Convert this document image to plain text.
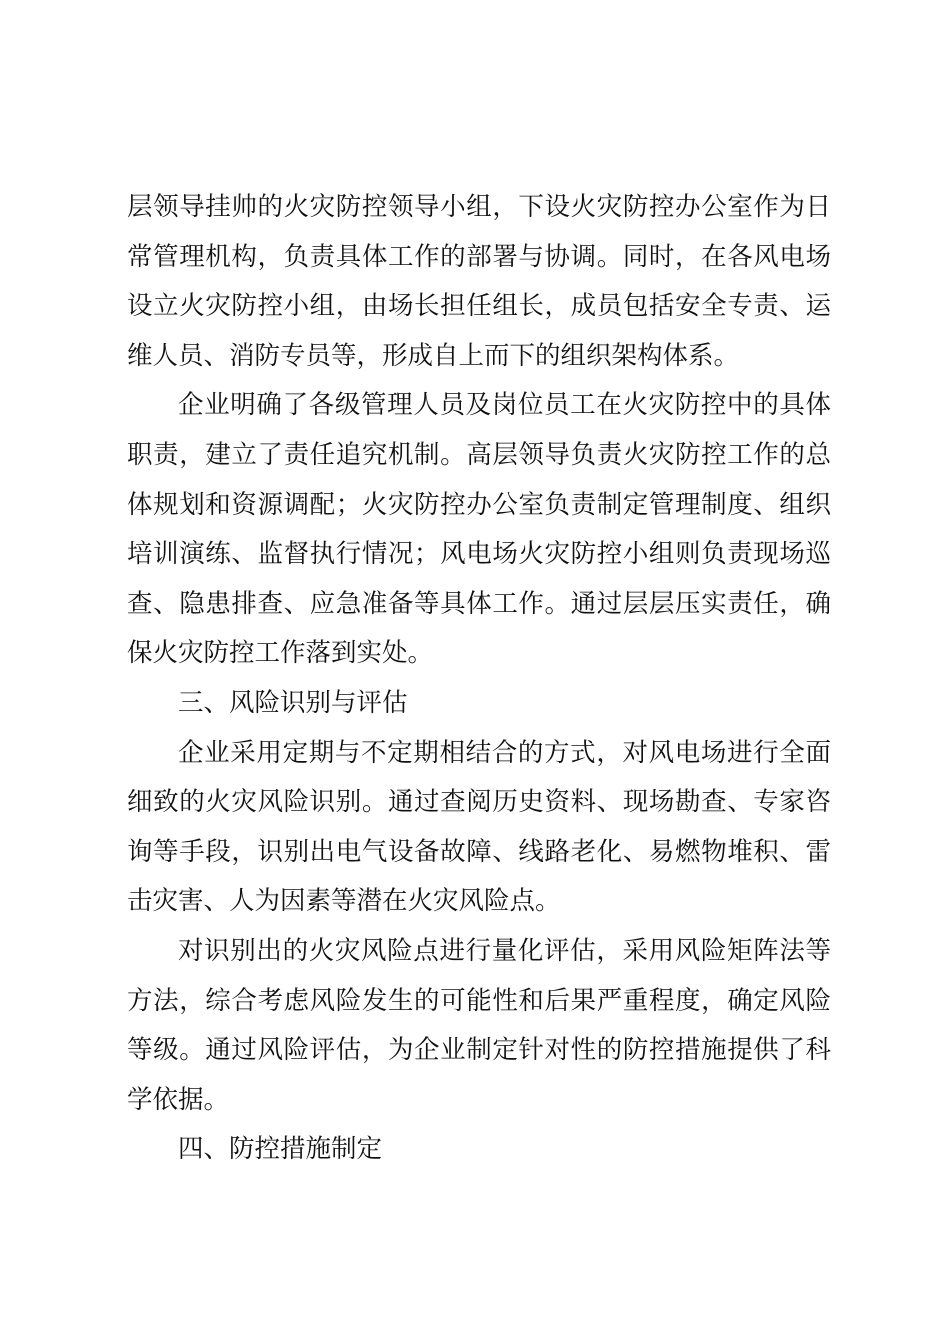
层领导挂帅的火灾防控领导小组，下设火灾防控办公室作为日
常管理机构，负责具体工作的部署与协调。同时，在各风电场
设立火灾防控小组，由场长担任组长，成员包括安全专责、运
维人员、消防专员等，形成自上而下的组织架构体系。
企业明确了各级管理人员及岗位员工在火灾防控中的具体
职责，建立了责任追究机制。高层领导负责火灾防控工作的总
体规划和资源调配；火灾防控办公室负责制定管理制度、组织
培训演练、监督执行情况；风电场火灾防控小组则负责现场巡
查、隐患排查、应急准备等具体工作。通过层层压实责任，确
保火灾防控工作落到实处。
三、风险识别与评估
企业采用定期与不定期相结合的方式，对风电场进行全面
细致的火灾风险识别。通过查阅历史资料、现场勘查、专家咨
询等手段，识别出电气设备故障、线路老化、易燃物堆积、雷
击灾害、人为因素等潜在火灾风险点。
对识别出的火灾风险点进行量化评估，采用风险矩阵法等
方法，综合考虑风险发生的可能性和后果严重程度，确定风险
等级。通过风险评估，为企业制定针对性的防控措施提供了科
学依据。
四、防控措施制定
